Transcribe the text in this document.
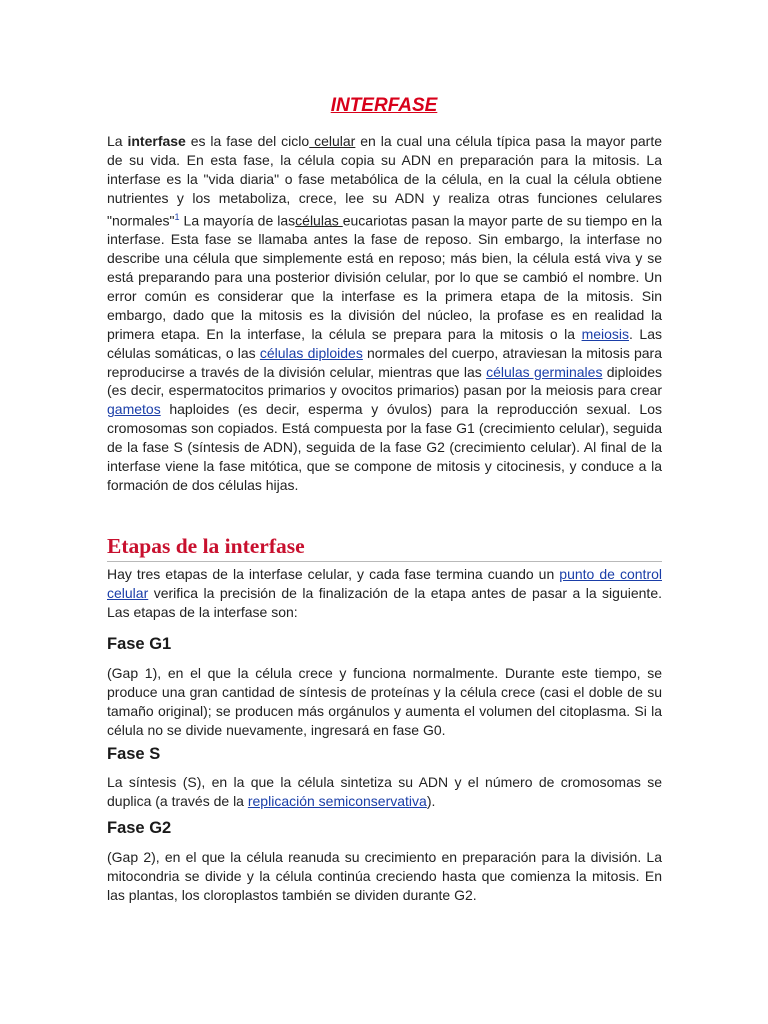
INTERFASE

La interfase es la fase del ciclo celular en la cual una célula típica pasa la mayor parte de su vida. En esta fase, la célula copia su ADN en preparación para la mitosis. La interfase es la "vida diaria" o fase metabólica de la célula, en la cual la célula obtiene nutrientes y los metaboliza, crece, lee su ADN y realiza otras funciones celulares "normales"$^1$ La mayoría de lascélulas eucariotas pasan la mayor parte de su tiempo en la interfase. Esta fase se llamaba antes la fase de reposo. Sin embargo, la interfase no describe una célula que simplemente está en reposo; más bien, la célula está viva y se está preparando para una posterior división celular, por lo que se cambió el nombre. Un error común es considerar que la interfase es la primera etapa de la mitosis. Sin embargo, dado que la mitosis es la división del núcleo, la profase es en realidad la primera etapa. En la interfase, la célula se prepara para la mitosis o la meiosis. Las células somáticas, o las células diploides normales del cuerpo, atraviesan la mitosis para reproducirse a través de la división celular, mientras que las células germinales diploides (es decir, espermatocitos primarios y ovocitos primarios) pasan por la meiosis para crear gametos haploides (es decir, esperma y óvulos) para la reproducción sexual. Los cromosomas son copiados. Está compuesta por la fase G1 (crecimiento celular), seguida de la fase S (síntesis de ADN), seguida de la fase G2 (crecimiento celular). Al final de la interfase viene la fase mitótica, que se compone de mitosis y citocinesis, y conduce a la formación de dos células hijas.

Etapas de la interfase

Hay tres etapas de la interfase celular, y cada fase termina cuando un punto de control celular verifica la precisión de la finalización de la etapa antes de pasar a la siguiente. Las etapas de la interfase son:

Fase G1

(Gap 1), en el que la célula crece y funciona normalmente. Durante este tiempo, se produce una gran cantidad de síntesis de proteínas y la célula crece (casi el doble de su tamaño original); se producen más orgánulos y aumenta el volumen del citoplasma. Si la célula no se divide nuevamente, ingresará en fase G0.

Fase S

La síntesis (S), en la que la célula sintetiza su ADN y el número de cromosomas se duplica (a través de la replicación semiconservativa).

Fase G2

(Gap 2), en el que la célula reanuda su crecimiento en preparación para la división. La mitocondria se divide y la célula continúa creciendo hasta que comienza la mitosis. En las plantas, los cloroplastos también se dividen durante G2.
